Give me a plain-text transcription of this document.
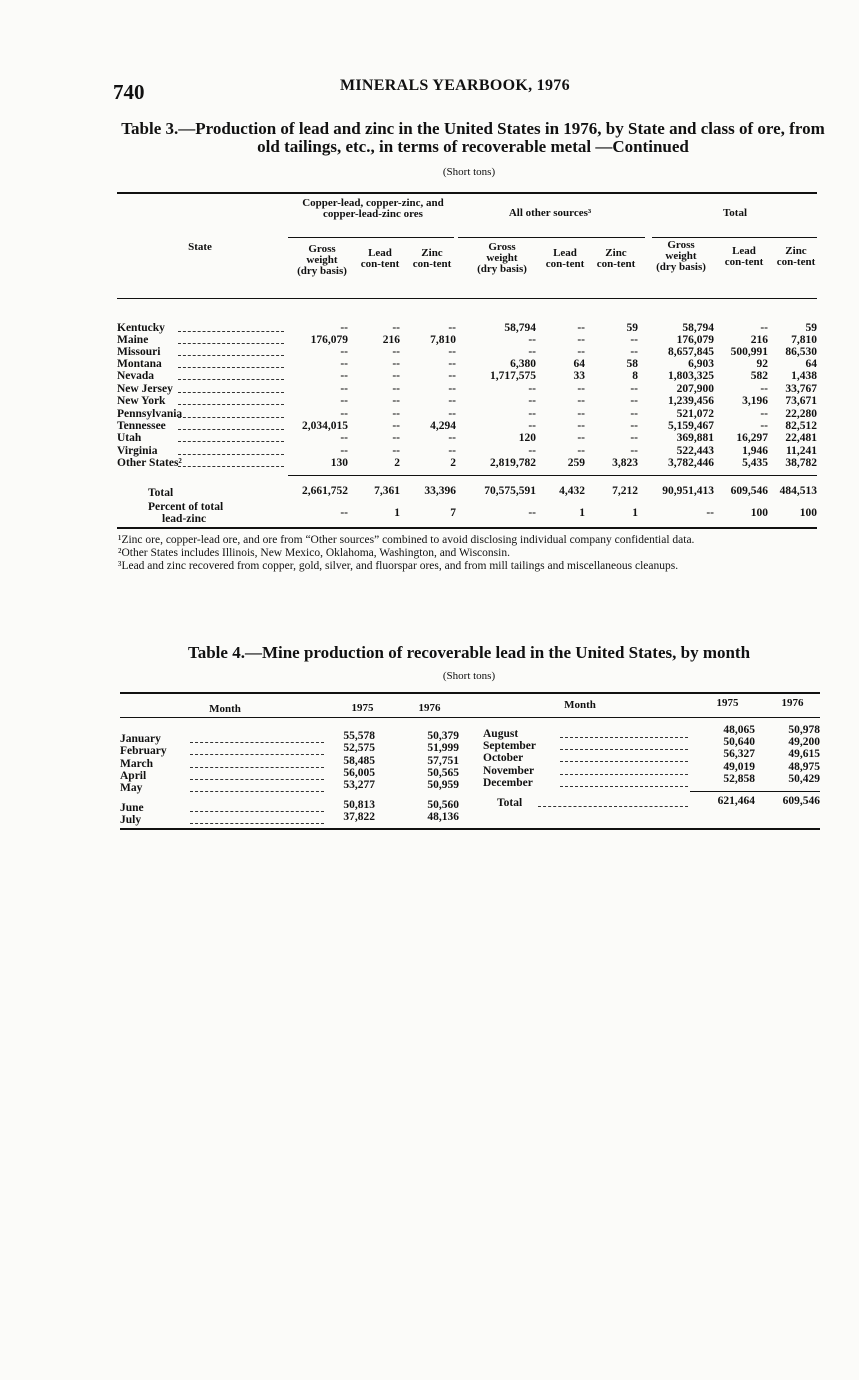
740	MINERALS YEARBOOK, 1976
Table 3.—Production of lead and zinc in the United States in 1976, by State and class of ore, from old tailings, etc., in terms of recoverable metal —Continued
(Short tons)
State
Copper-lead, copper-zinc, and copper-lead-zinc ores	All other sources³	Total
Gross weight (dry basis)
Lead con-tent
Zinc con-tent
Gross weight (dry basis)
Lead con-tent
Zinc con-tent
Gross weight (dry basis)
Lead con-tent
Zinc con-tent
Kentucky	--	--	--	58,794	--	59	58,794	--	59
Maine	176,079	216	7,810	--	--	--	176,079	216	7,810
Missouri	--	--	--	--	--	--	8,657,845	500,991	86,530
Montana	--	--	--	6,380	64	58	6,903	92	64
Nevada	--	--	--	1,717,575	33	8	1,803,325	582	1,438
New Jersey	--	--	--	--	--	--	207,900	--	33,767
New York	--	--	--	--	--	--	1,239,456	3,196	73,671
Pennsylvania	--	--	--	--	--	--	521,072	--	22,280
Tennessee	2,034,015	--	4,294	--	--	--	5,159,467	--	82,512
Utah	--	--	--	120	--	--	369,881	16,297	22,481
Virginia	--	--	--	--	--	--	522,443	1,946	11,241
Other States²	130	2	2	2,819,782	259	3,823	3,782,446	5,435	38,782
Total	2,661,752	7,361	33,396	70,575,591	4,432	7,212	90,951,413	609,546	484,513
Percent of total
lead-zinc	--	1	7	--	1	1	--	100	100

¹Zinc ore, copper-lead ore, and ore from “Other sources” combined to avoid disclosing individual company confidential data.

²Other States includes Illinois, New Mexico, Oklahoma, Washington, and Wisconsin.

³Lead and zinc recovered from copper, gold, silver, and fluorspar ores, and from mill tailings and miscellaneous cleanups.

Table 4.—Mine production of recoverable lead in the United States, by month
(Short tons)
Month	1975	1976	Month	1975	1976
January	55,578	50,379
February	52,575	51,999
March	58,485	57,751
April	56,005	50,565
May	53,277	50,959
June	50,813	50,560
July	37,822	48,136
August	48,065	50,978
September	50,640	49,200
October	56,327	49,615
November	49,019	48,975
December	52,858	50,429
Total	621,464	609,546
